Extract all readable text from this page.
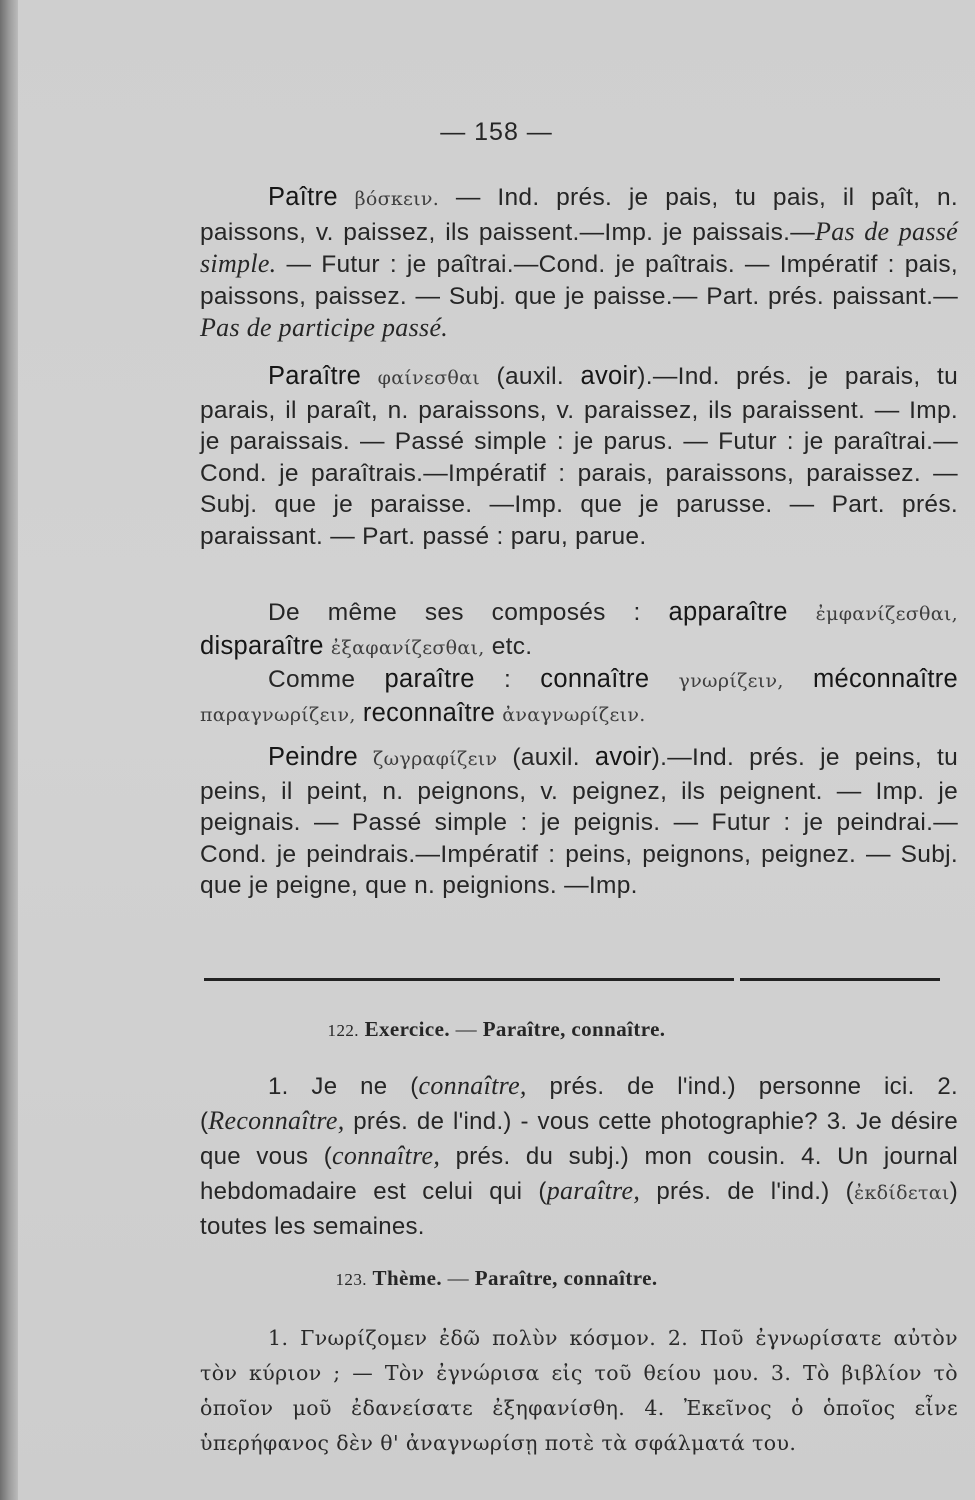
— 158 —

Paître βόσκειν. — Ind. prés. je pais, tu pais, il paît, n. paissons, v. paissez, ils paissent.—Imp. je paissais.—Pas de passé simple. — Futur : je paîtrai.—Cond. je paîtrais. — Impératif : pais, paissons, paissez. — Subj. que je paisse.— Part. prés. paissant.—Pas de participe passé.

Paraître φαίνεσθαι (auxil. avoir).—Ind. prés. je parais, tu parais, il paraît, n. paraissons, v. paraissez, ils paraissent. — Imp. je paraissais. — Passé simple : je parus. — Futur : je paraîtrai.—Cond. je paraîtrais.—Impératif : parais, paraissons, paraissez. — Subj. que je paraisse. —Imp. que je parusse. — Part. prés. paraissant. — Part. passé : paru, parue.

De même ses composés : apparaître ἐμφανίζεσθαι, disparaître ἐξαφανίζεσθαι, etc.

Comme paraître : connaître γνωρίζειν, méconnaître παραγνωρίζειν, reconnaître ἀναγνωρίζειν.

Peindre ζωγραφίζειν (auxil. avoir).—Ind. prés. je peins, tu peins, il peint, n. peignons, v. peignez, ils peignent. — Imp. je peignais. — Passé simple : je peignis. — Futur : je peindrai.—Cond. je peindrais.—Impératif : peins, peignons, peignez. — Subj. que je peigne, que n. peignions. —Imp.

122. Exercice. — Paraître, connaître.

1. Je ne (connaître, prés. de l'ind.) personne ici. 2. (Reconnaître, prés. de l'ind.) - vous cette photographie? 3. Je désire que vous (connaître, prés. du subj.) mon cousin. 4. Un journal hebdomadaire est celui qui (paraître, prés. de l'ind.) (ἐκδίδεται) toutes les semaines.

123. Thème. — Paraître, connaître.

1. Γνωρίζομεν ἐδῶ πολὺν κόσμον. 2. Ποῦ ἐγνωρίσατε αὐτὸν τὸν κύριον ; — Τὸν ἐγνώρισα εἰς τοῦ θείου μου. 3. Τὸ βιβλίον τὸ ὁποῖον μοῦ ἐδανείσατε ἐξηφανίσθη. 4. Ἐκεῖνος ὁ ὁποῖος εἶνε ὑπερήφανος δὲν θ' ἀναγνωρίσῃ ποτὲ τὰ σφάλματά του.
